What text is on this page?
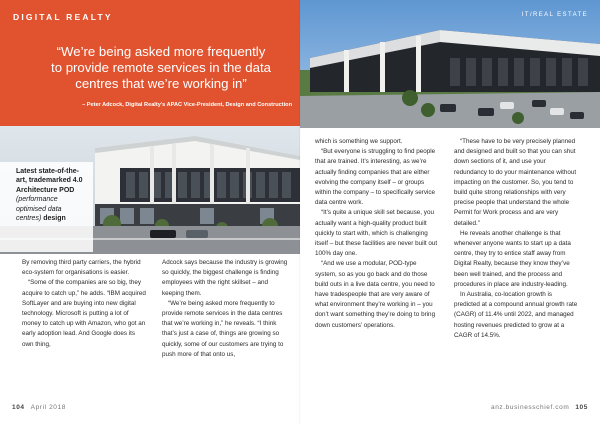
DIGITAL REALTY
“We’re being asked more frequently
to provide remote services in the data
centres that we’re working in”
– Peter Adcock, Digital Realty’s APAC Vice-President, Design and Construction
Latest state-of-the-art, trademarked 4.0 Architecture POD (performance optimised data centres) design

By removing third party carriers, the hybrid eco-system for organisations is easier.

“Some of the companies are so big, they acquire to catch up,” he adds. “IBM acquired SoftLayer and are buying into new digital technology. Microsoft is putting a lot of money to catch up with Amazon, who got an early adoption lead. And Google does its own thing,

Adcock says because the industry is growing so quickly, the biggest challenge is finding employees with the right skillset – and keeping them.

“We’re being asked more frequently to provide remote services in the data centres that we’re working in,” he reveals. “I think that’s just a case of, things are growing so quickly, some of our customers are trying to push more of that onto us,

IT/REAL ESTATE

which is something we support.

“But everyone is struggling to find people that are trained. It’s interesting, as we’re actually finding companies that are either evolving the company itself – or groups within the company – to specifically service data centre work.

“It’s quite a unique skill set because, you actually want a high-quality product built quickly to start with, which is challenging itself – but these facilities are never built out 100% day one.

“And we use a modular, POD-type system, so as you go back and do those build outs in a live data centre, you need to have tradespeople that are very aware of what environment they’re working in – you don’t want something they’re doing to bring down customers’ operations.

“These have to be very precisely planned and designed and built so that you can shut down sections of it, and use your redundancy to do your maintenance without impacting on the customer. So, you tend to build quite strong relationships with very precise people that understand the whole Permit for Work process and are very detailed.”

He reveals another challenge is that whenever anyone wants to start up a data centre, they try to entice staff away from Digital Realty, because they know they’ve been well trained, and the process and procedures in place are industry-leading.

In Australia, co-location growth is predicted at a compound annual growth rate (CAGR) of 11.4% until 2022, and managed hosting revenues predicted to grow at a CAGR of 14.5%.

104 April 2018	anz.businesschief.com 105
